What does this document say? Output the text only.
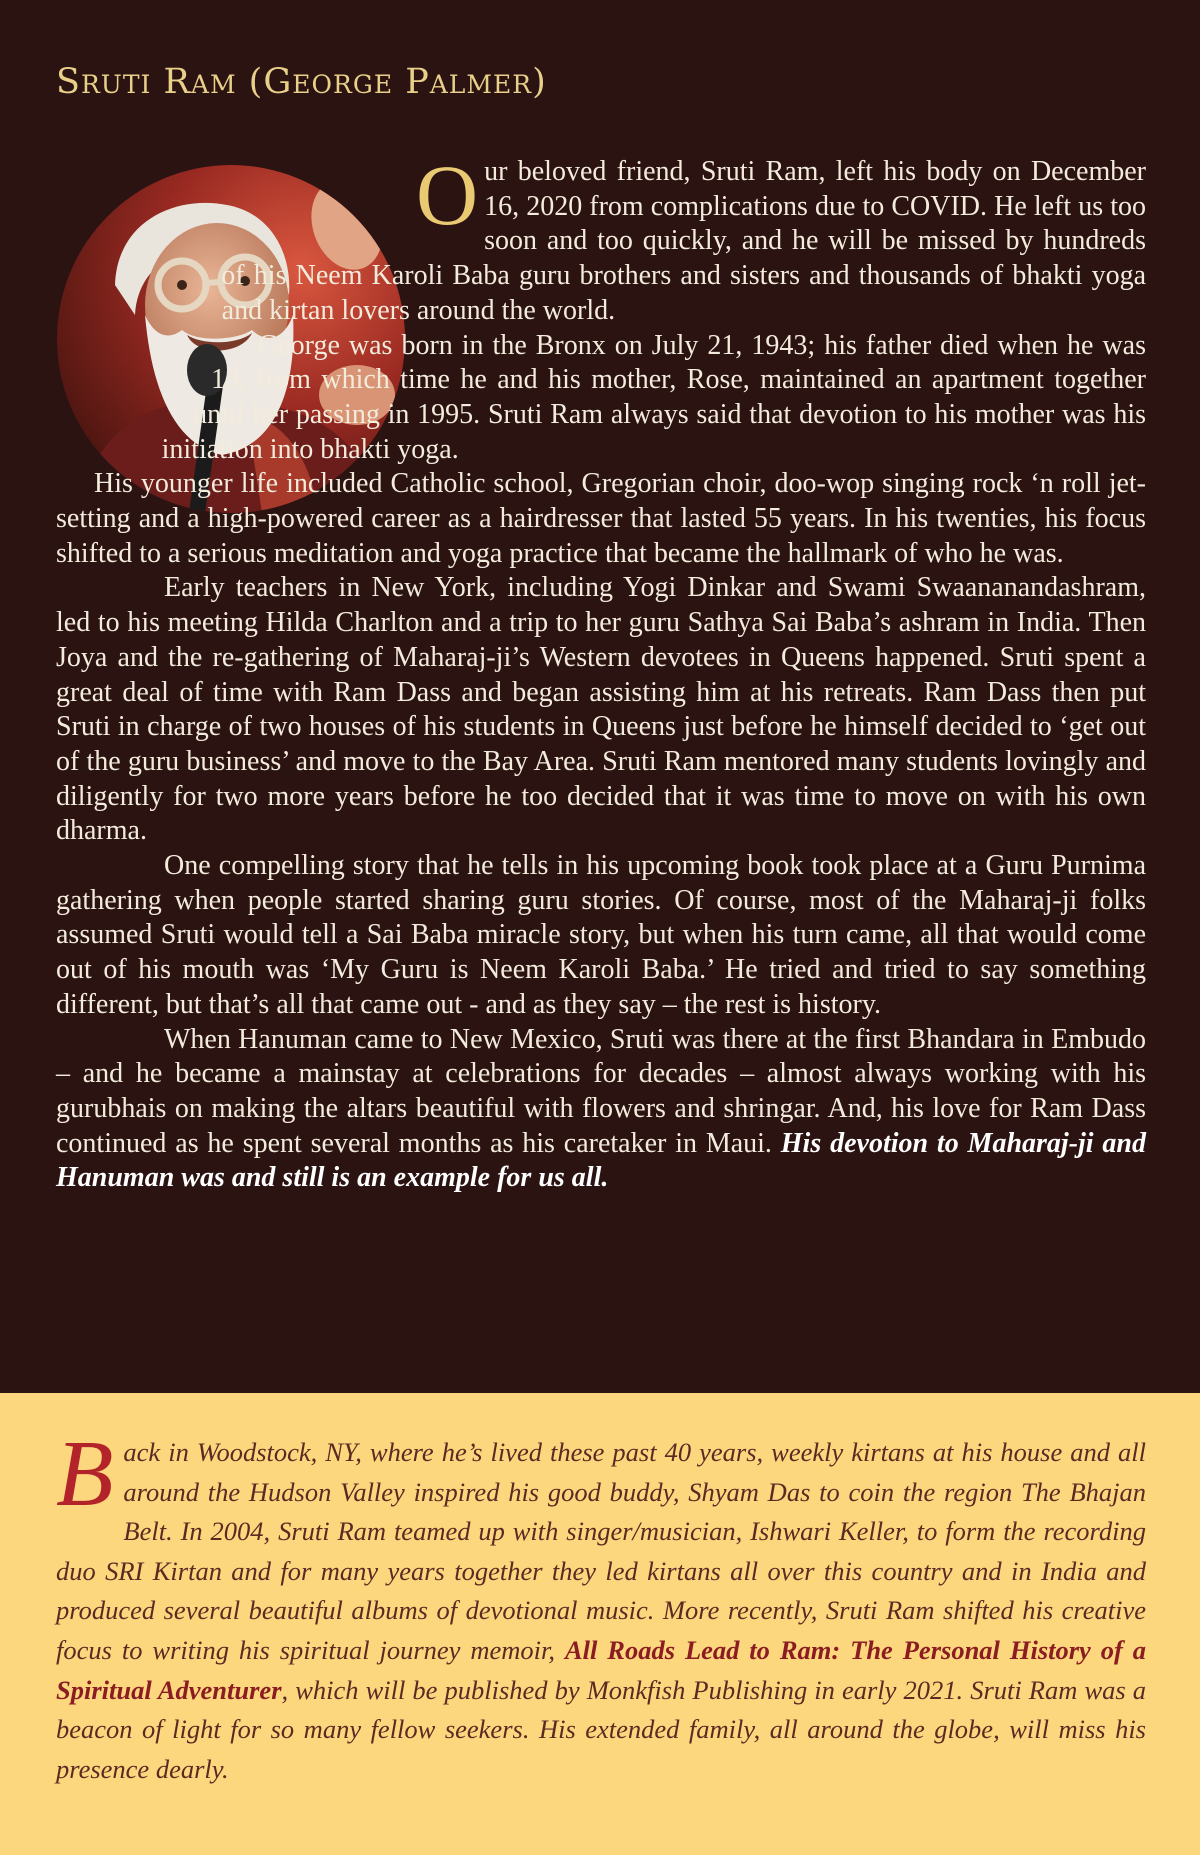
Sruti Ram (George Palmer)
Our beloved friend, Sruti Ram, left his body on December 16, 2020 from complications due to COVID. He left us too soon and too quickly, and he will be missed by hundreds of his Neem Karoli Baba guru brothers and sisters and thousands of bhakti yoga and kirtan lovers around the world.
George was born in the Bronx on July 21, 1943; his father died when he was 13, from which time he and his mother, Rose, maintained an apartment together until her passing in 1995. Sruti Ram always said that devotion to his mother was his initiation into bhakti yoga.
His younger life included Catholic school, Gregorian choir, doo-wop singing rock ‘n roll jet-setting and a high-powered career as a hairdresser that lasted 55 years. In his twenties, his focus shifted to a serious meditation and yoga practice that became the hallmark of who he was.
Early teachers in New York, including Yogi Dinkar and Swami Swaananandashram, led to his meeting Hilda Charlton and a trip to her guru Sathya Sai Baba’s ashram in India. Then Joya and the re-gathering of Maharaj-ji’s Western devotees in Queens happened. Sruti spent a great deal of time with Ram Dass and began assisting him at his retreats. Ram Dass then put Sruti in charge of two houses of his students in Queens just before he himself decided to ‘get out of the guru business’ and move to the Bay Area. Sruti Ram mentored many students lovingly and diligently for two more years before he too decided that it was time to move on with his own dharma.
One compelling story that he tells in his upcoming book took place at a Guru Purnima gathering when people started sharing guru stories. Of course, most of the Maharaj-ji folks assumed Sruti would tell a Sai Baba miracle story, but when his turn came, all that would come out of his mouth was ‘My Guru is Neem Karoli Baba.’ He tried and tried to say something different, but that’s all that came out - and as they say – the rest is history.
When Hanuman came to New Mexico, Sruti was there at the first Bhandara in Embudo – and he became a mainstay at celebrations for decades – almost always working with his gurubhais on making the altars beautiful with flowers and shringar. And, his love for Ram Dass continued as he spent several months as his caretaker in Maui. His devotion to Maharaj-ji and Hanuman was and still is an example for us all.
Back in Woodstock, NY, where he’s lived these past 40 years, weekly kirtans at his house and all around the Hudson Valley inspired his good buddy, Shyam Das to coin the region The Bhajan Belt. In 2004, Sruti Ram teamed up with singer/musician, Ishwari Keller, to form the recording duo SRI Kirtan and for many years together they led kirtans all over this country and in India and produced several beautiful albums of devotional music. More recently, Sruti Ram shifted his creative focus to writing his spiritual journey memoir, All Roads Lead to Ram: The Personal History of a Spiritual Adventurer, which will be published by Monkfish Publishing in early 2021. Sruti Ram was a beacon of light for so many fellow seekers. His extended family, all around the globe, will miss his presence dearly.
